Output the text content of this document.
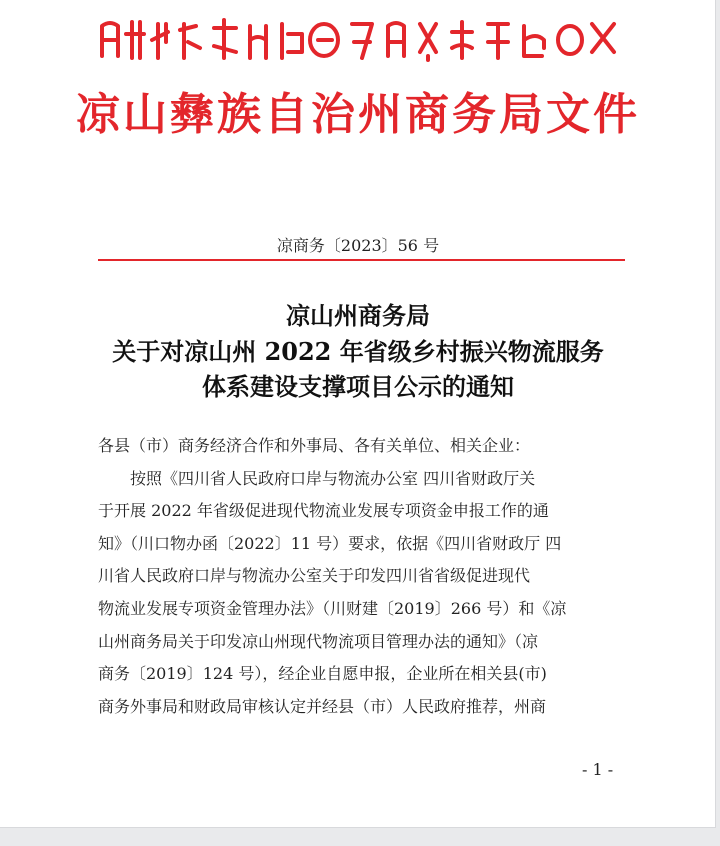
凉山彝族自治州商务局文件
凉商务〔2023〕56 号
凉山州商务局
关于对凉山州 2022 年省级乡村振兴物流服务
体系建设支撑项目公示的通知

各县（市）商务经济合作和外事局、各有关单位、相关企业：

　　按照《四川省人民政府口岸与物流办公室 四川省财政厅关
于开展 2022 年省级促进现代物流业发展专项资金申报工作的通
知》（川口物办函〔2022〕11 号）要求，依据《四川省财政厅 四
川省人民政府口岸与物流办公室关于印发四川省省级促进现代
物流业发展专项资金管理办法》（川财建〔2019〕266 号）和《凉
山州商务局关于印发凉山州现代物流项目管理办法的通知》（凉
商务〔2019〕124 号），经企业自愿申报，企业所在相关县(市)
商务外事局和财政局审核认定并经县（市）人民政府推荐，州商

- 1 -
